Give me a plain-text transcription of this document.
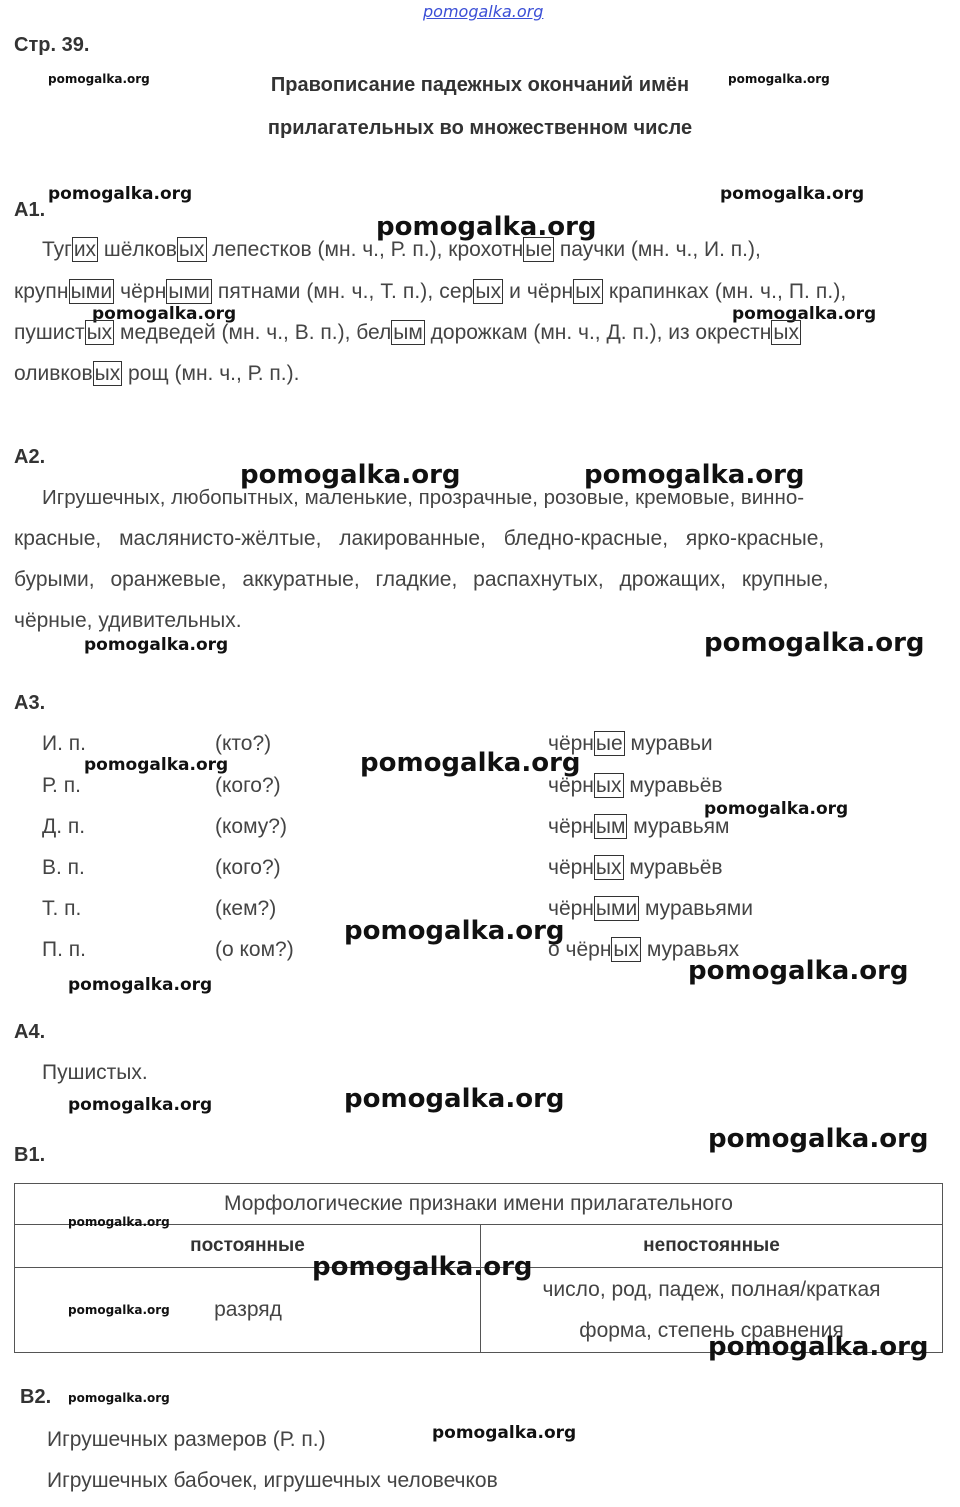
pomogalka.org
Стр. 39.
pomogalka.org	Правописание падежных окончаний имён	pomogalka.org
прилагательных во множественном числе
pomogalka.org	pomogalka.org
A1.
pomogalka.org
Тугих шёлковых лепестков (мн. ч., Р. п.), крохотные паучки (мн. ч., И. п.),
крупными чёрными пятнами (мн. ч., Т. п.), серых и чёрных крапинках (мн. ч., П. п.),
pomogalka.org	pomogalka.org
пушистых медведей (мн. ч., В. п.), белым дорожкам (мн. ч., Д. п.), из окрестных
оливковых рощ (мн. ч., Р. п.).
A2.
pomogalka.org	pomogalka.org
Игрушечных, любопытных, маленькие, прозрачные, розовые, кремовые, винно-
красные, маслянисто-жёлтые, лакированные, бледно-красные, ярко-красные,
бурыми, оранжевые, аккуратные, гладкие, распахнутых, дрожащих, крупные,
чёрные, удивительных.
pomogalka.org	pomogalka.org
A3.
И. п.	(кто?)	чёрные муравьи
pomogalka.org	pomogalka.org
Р. п.	(кого?)	чёрных муравьёв
pomogalka.org
Д. п.	(кому?)	чёрным муравьям
В. п.	(кого?)	чёрных муравьёв
Т. п.	(кем?)	чёрными муравьями
pomogalka.org
П. п.	(о ком?)	о чёрных муравьях
pomogalka.org
pomogalka.org
A4.
Пушистых.
pomogalka.org	pomogalka.org
pomogalka.org
B1.
Морфологические признаки имени прилагательного	
постоянные	непостоянные
разряд	число, род, падеж, полная/краткая
форма, степень сравнения
pomogalka.org
pomogalka.org
pomogalka.org
pomogalka.org
B2. pomogalka.org
Игрушечных размеров (Р. п.)	pomogalka.org
Игрушечных бабочек, игрушечных человечков
